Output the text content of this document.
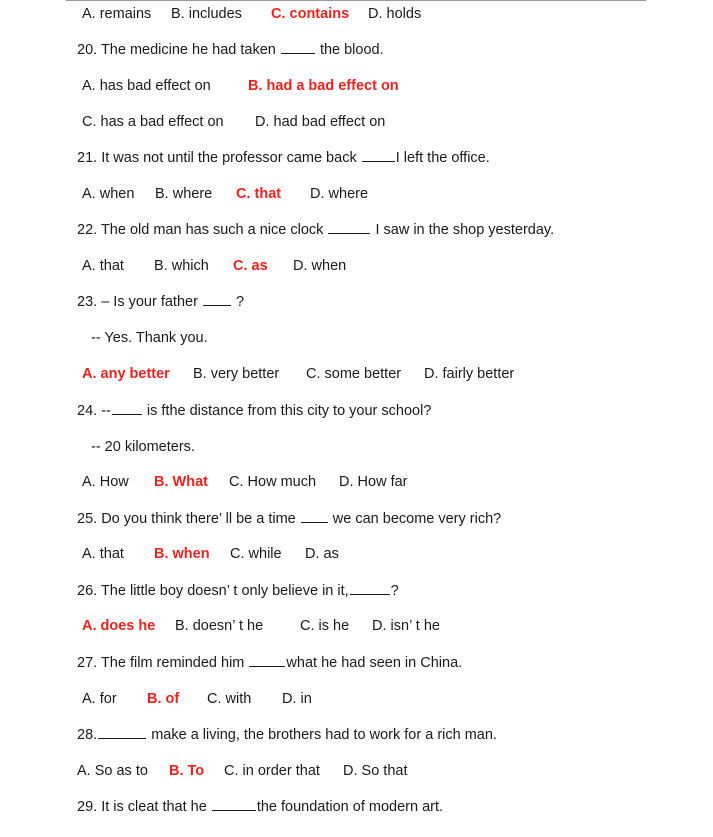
A. remains B. includes C. contains D. holds
20. The medicine he had taken	the blood.
A. has bad effect on	B. had a bad effect on
C. has a bad effect on D. had bad effect on
21. It was not until the professor came back	I left the office.
A. when B. where C. that D. where
22. The old man has such a nice clock	I saw in the shop yesterday.
A. that B. which C. as D. when
23. – Is your father	?
-- Yes. Thank you.
A. any better B. very better C. some better D. fairly better
24. -- is fthe distance from this city to your school?
-- 20 kilometers.
A. How B. What C. How much D. How far
25. Do you think there’ ll be a time	we can become very rich?
A. that B. when C. while D. as
26. The little boy doesn’ t only believe in it,	?
A. does he B. doesn’ t he	C. is he D. isn’ t he
27. The film reminded him	what he had seen in China.
A. for B. of C. with D. in
28.	make a living, the brothers had to work for a rich man.
A. So as to B. To C. in order that D. So that
29. It is cleat that he	the foundation of modern art.
